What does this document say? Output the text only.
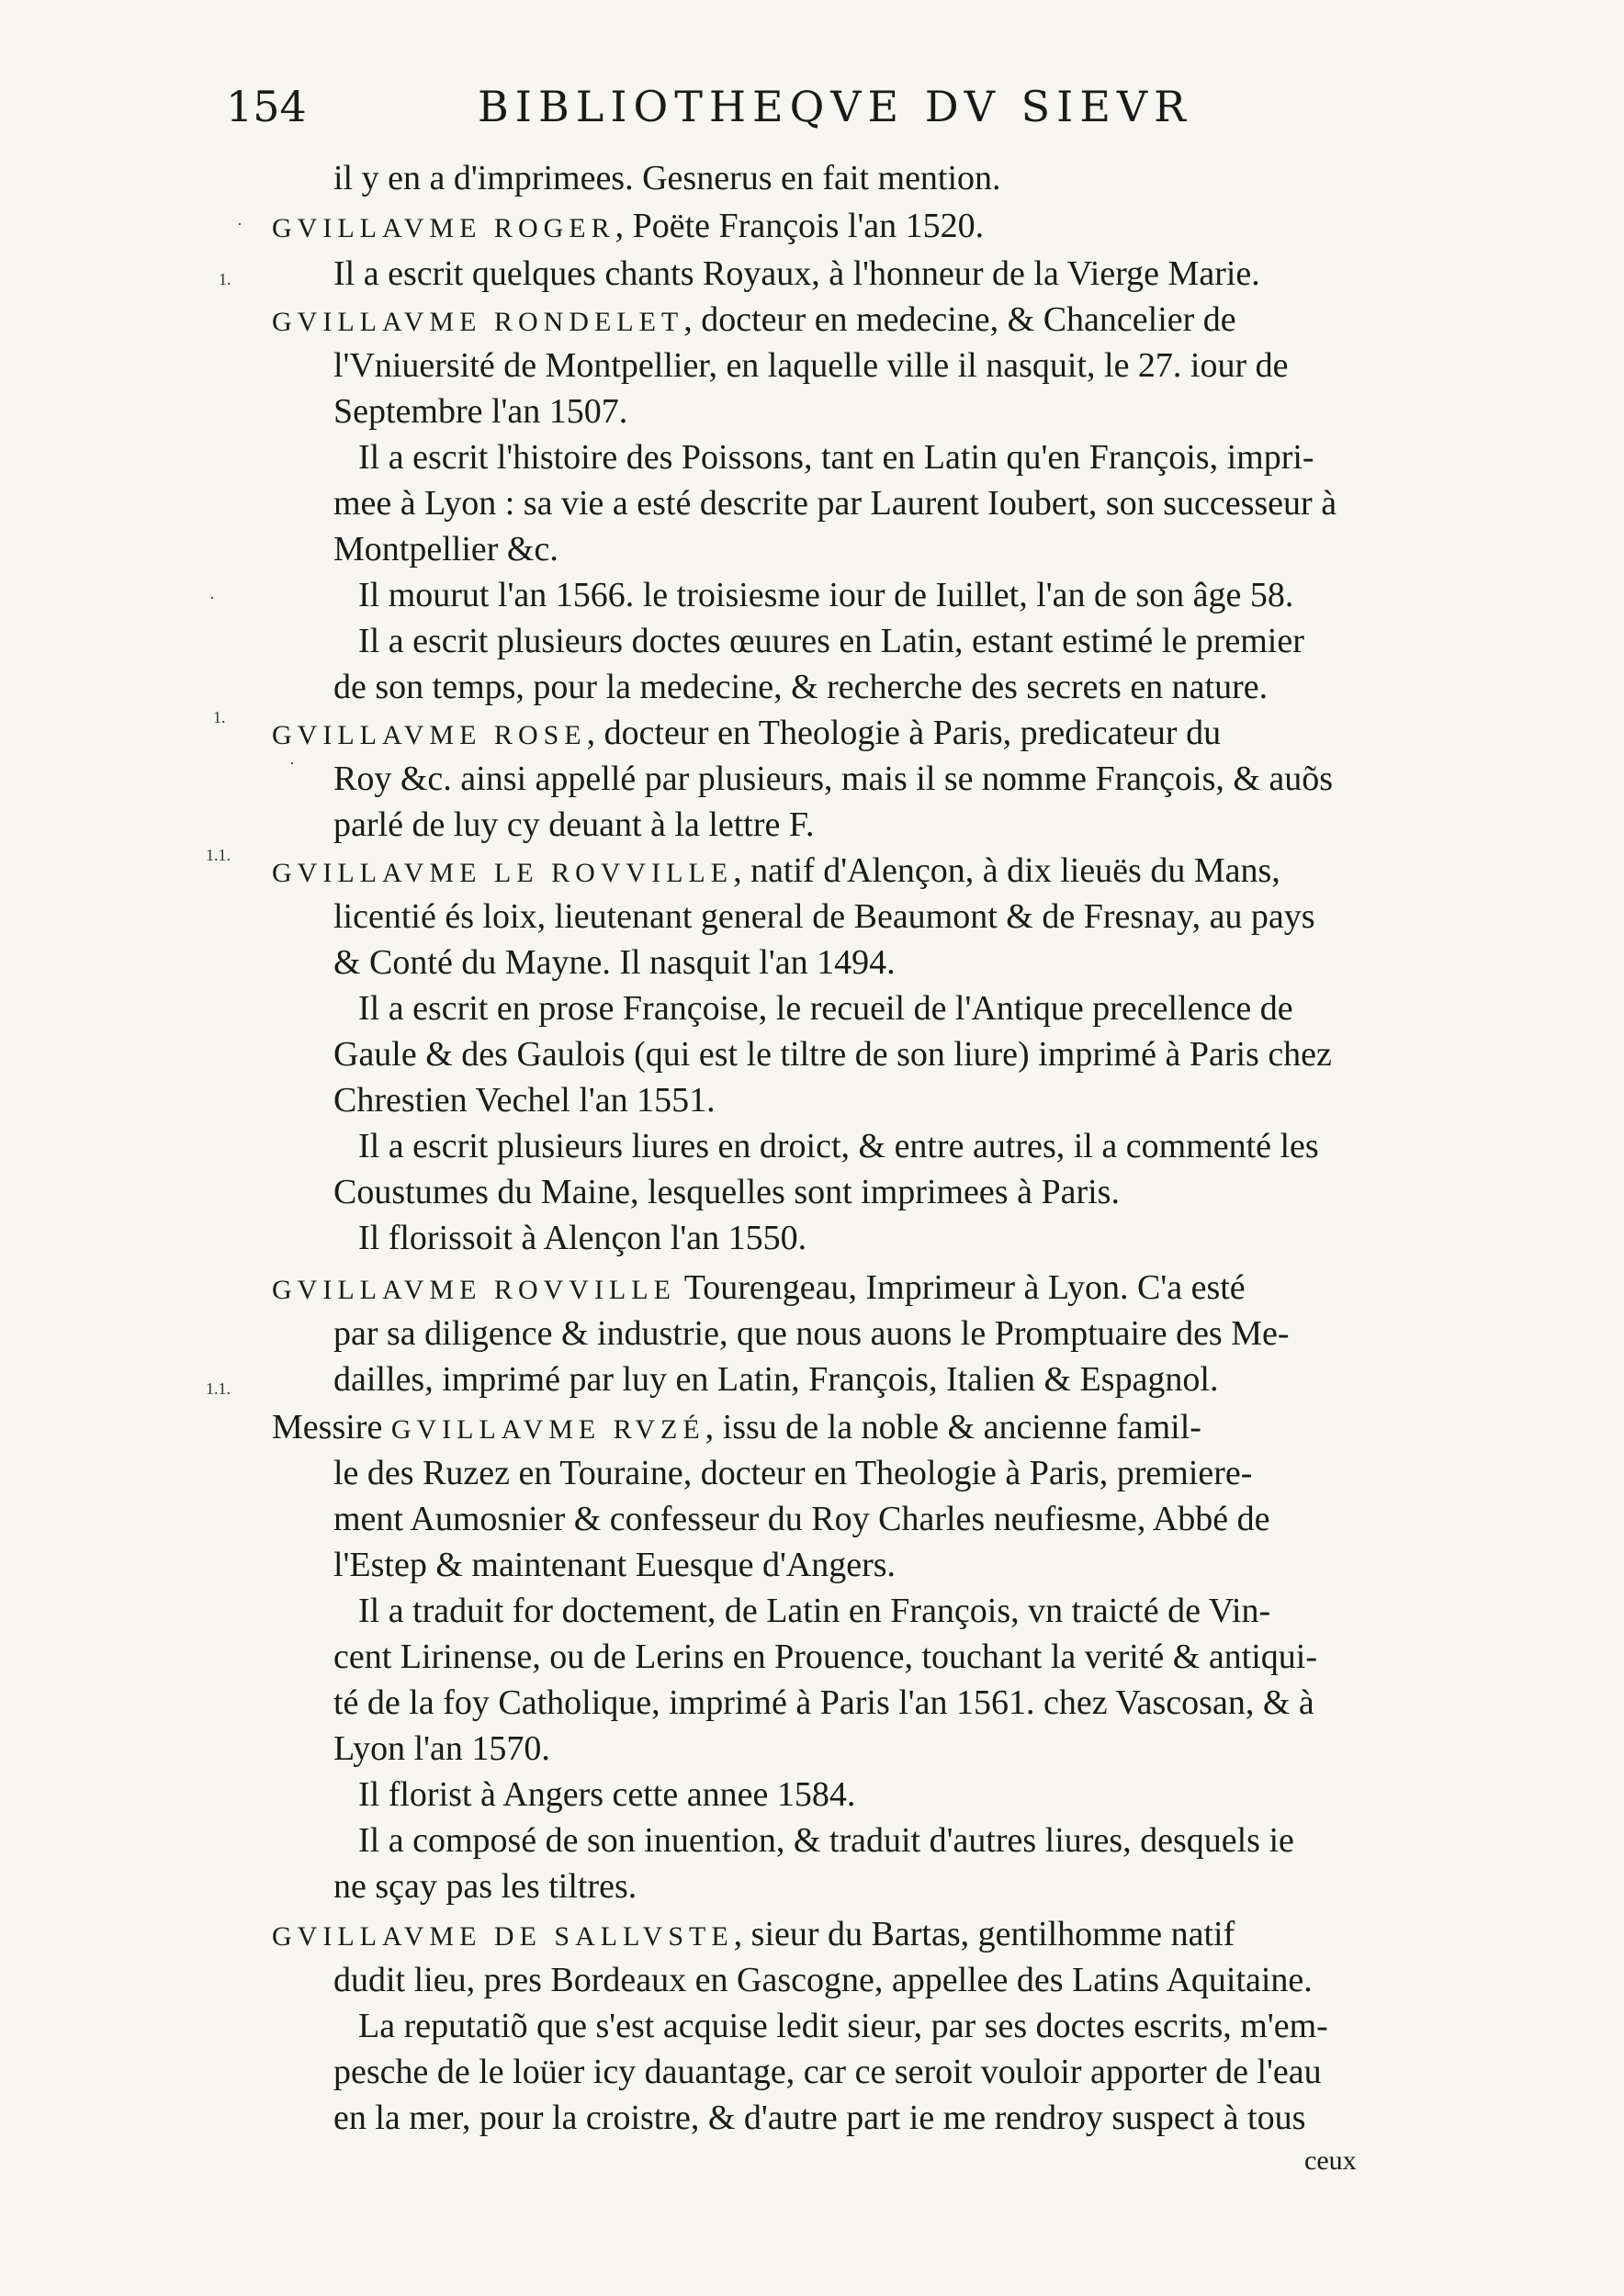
154	BIBLIOTHEQVE DV SIEVR
·
1.
·
1.
·
1.1.
1.1.
il y en a d'imprimees. Gesnerus en fait mention.
GVILLAVME ROGER, Poëte François l'an 1520.
Il a escrit quelques chants Royaux, à l'honneur de la Vierge Marie.
GVILLAVME RONDELET, docteur en medecine, & Chancelier de
l'Vniuersité de Montpellier, en laquelle ville il nasquit, le 27. iour de
Septembre l'an 1507.
Il a escrit l'histoire des Poissons, tant en Latin qu'en François, impri-
mee à Lyon : sa vie a esté descrite par Laurent Ioubert, son successeur à
Montpellier &c.
Il mourut l'an 1566. le troisiesme iour de Iuillet, l'an de son âge 58.
Il a escrit plusieurs doctes œuures en Latin, estant estimé le premier
de son temps, pour la medecine, & recherche des secrets en nature.
GVILLAVME ROSE, docteur en Theologie à Paris, predicateur du
Roy &c. ainsi appellé par plusieurs, mais il se nomme François, & auõs
parlé de luy cy deuant à la lettre F.
GVILLAVME LE ROVVILLE, natif d'Alençon, à dix lieuës du Mans,
licentié és loix, lieutenant general de Beaumont & de Fresnay, au pays
& Conté du Mayne. Il nasquit l'an 1494.
Il a escrit en prose Françoise, le recueil de l'Antique precellence de
Gaule & des Gaulois (qui est le tiltre de son liure) imprimé à Paris chez
Chrestien Vechel l'an 1551.
Il a escrit plusieurs liures en droict, & entre autres, il a commenté les
Coustumes du Maine, lesquelles sont imprimees à Paris.
Il florissoit à Alençon l'an 1550.
GVILLAVME ROVVILLE Tourengeau, Imprimeur à Lyon. C'a esté
par sa diligence & industrie, que nous auons le Promptuaire des Me-
dailles, imprimé par luy en Latin, François, Italien & Espagnol.
Messire GVILLAVME RVZÉ, issu de la noble & ancienne famil-
le des Ruzez en Touraine, docteur en Theologie à Paris, premiere-
ment Aumosnier & confesseur du Roy Charles neufiesme, Abbé de
l'Estep & maintenant Euesque d'Angers.
Il a traduit for doctement, de Latin en François, vn traicté de Vin-
cent Lirinense, ou de Lerins en Prouence, touchant la verité & antiqui-
té de la foy Catholique, imprimé à Paris l'an 1561. chez Vascosan, & à
Lyon l'an 1570.
Il florist à Angers cette annee 1584.
Il a composé de son inuention, & traduit d'autres liures, desquels ie
ne sçay pas les tiltres.
GVILLAVME DE SALLVSTE, sieur du Bartas, gentilhomme natif
dudit lieu, pres Bordeaux en Gascogne, appellee des Latins Aquitaine.
La reputatiõ que s'est acquise ledit sieur, par ses doctes escrits, m'em-
pesche de le loüer icy dauantage, car ce seroit vouloir apporter de l'eau
en la mer, pour la croistre, & d'autre part ie me rendroy suspect à tous
ceux
